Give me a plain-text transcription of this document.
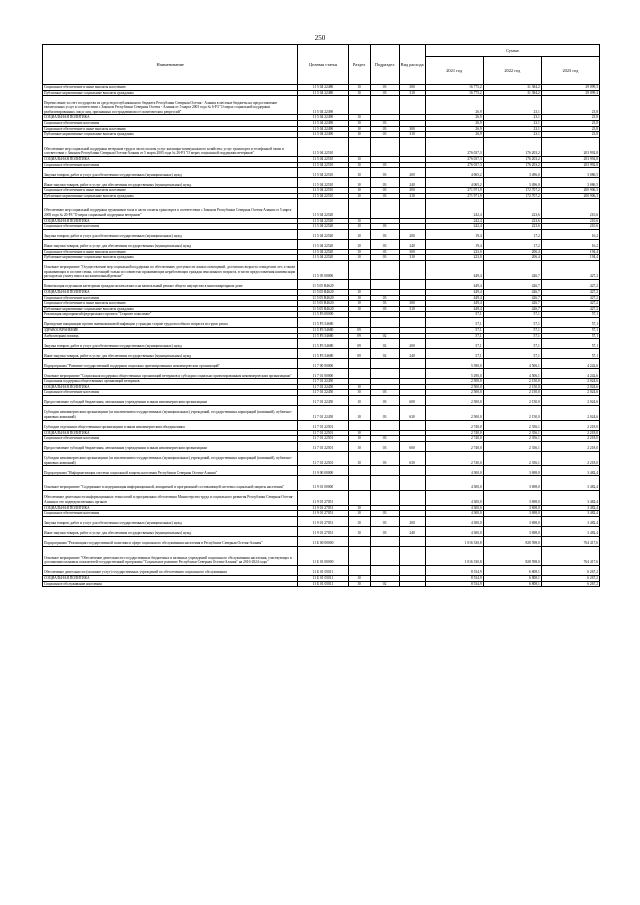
250
Наименование	Целевая статья	Раздел	Подраздел	Вид расхода	Сумма		
					2021 год	2022 год	2023 год
Социальное обеспечение и иные выплаты населению	11 5 04 22480	10	03	300	16 775,2	31 384,2	29 099,3
Публичные нормативные социальные выплаты гражданам	11 5 04 22480	10	03	310	16 775,2	31 384,2	29 099,3
Перечисление за счет государства из средств республиканского бюджета Республики Северная Осетия - Алания в местные бюджеты на предоставление ежемесячных услуг в соответствии с Законом Республики Северная Осетия - Алания от 5 марта 2003 года № 6-РЗ "О мерах социальной поддержки реабилитированных лиц и лиц, признанных пострадавшими от политических репрессий"	11 5 04 22490				26,9	23,1	23,8
СОЦИАЛЬНАЯ ПОЛИТИКА	11 5 04 22490	10			26,9	23,1	23,8
Социальное обеспечение населения	11 5 04 22490	10	03		26,9	23,1	23,8
Социальное обеспечение и иные выплаты населению	11 5 04 22490	10	03	300	26,9	23,1	23,8
Публичные нормативные социальные выплаты гражданам	11 5 04 22490	10	03	310	26,9	23,1	23,8
Обеспечение мер социальной поддержки ветеранов труда в части оплаты услуг жилищно-коммунального хозяйства, услуг транспорта и телефонной связи в соответствии с Законом Республики Северная Осетия-Алания от 5 марта 2005 года № 20-РЗ "О мерах социальной поддержки ветеранов"	11 5 04 22510				276 037,3	176 203,2	203 992,8
СОЦИАЛЬНАЯ ПОЛИТИКА	11 5 04 22510	10			276 037,3	176 203,2	203 992,8
Социальное обеспечение населения	11 5 04 22510	10	03		276 037,3	176 203,2	203 992,8
Закупка товаров, работ и услуг для обеспечения государственных (муниципальных) нужд	11 5 04 22510	10	03	200	4 065,2	3 496,0	3 086,5
Иные закупки товаров, работ и услуг для обеспечения государственных (муниципальных) нужд	11 5 04 22510	10	03	240	4 065,2	3 496,0	3 086,5
Социальное обеспечение и иные выплаты населению	11 5 04 22510	10	03	300	271 971,9	172 707,2	200 906,3
Публичные нормативные социальные выплаты гражданам	11 5 04 22510	10	03	310	271 971,9	172 707,2	200 906,3
Обеспечение мер социальной поддержки тружеников тыла в части оплаты транспорта в соответствии с Законом Республики Северная Осетия-Алания от 5 марта 2005 года № 20-РЗ "О мерах социальной поддержки ветеранов"	11 5 04 22520				242,4	223,6	210,6
СОЦИАЛЬНАЯ ПОЛИТИКА	11 5 04 22520	10			242,4	223,6	210,6
Социальное обеспечение населения	11 5 04 22520	10	03		242,4	223,6	210,6
Закупка товаров, работ и услуг для обеспечения государственных (муниципальных) нужд	11 5 04 22520	10	03	200	19,4	17,2	16,2
Иные закупки товаров, работ и услуг для обеспечения государственных (муниципальных) нужд	11 5 04 22520	10	03	240	19,4	17,2	16,2
Социальное обеспечение и иные выплаты населению	11 5 04 22520	10	03	300	223,0	206,4	194,4
Публичные нормативные социальные выплаты гражданам	11 5 04 22520	10	03	310	223,0	206,4	194,4
Основное мероприятие "Осуществление мер социальной поддержки по обеспечению доступности жилых помещений, достигших возраста семидесяти лет, а также проживающих в составе семьи, состоящей только из совместно проживающих неработающих граждан пенсионного возраста, в части предоставления компенсации расходов на уплату взноса на капитальный ремонт"	11 5 05 00000				449,4	426,7	427,2
Компенсация отдельным категориям граждан оплаты взноса на капитальный ремонт общего имущества в многоквартирном доме	11 5 05 R4620				449,4	426,7	427,2
СОЦИАЛЬНАЯ ПОЛИТИКА	11 5 05 R4620	10			449,4	426,7	427,2
Социальное обеспечение населения	11 5 05 R4620	10	03		449,4	426,7	427,2
Социальное обеспечение и иные выплаты населению	11 5 05 R4620	10	03	300	449,4	426,7	427,2
Публичные нормативные социальные выплаты гражданам	11 5 05 R4620	10	03	310	449,4	426,7	427,2
Реализация мероприятий федерального проекта "Старшее поколение"	11 5 P3 00000				57,1	57,1	57,1
Проведение вакцинации против пневмококковой инфекции у граждан старше трудоспособного возраста из групп риска	11 5 P3 54680				57,1	57,1	57,1
ЗДРАВООХРАНЕНИЕ	11 5 P3 54680	09			57,1	57,1	57,1
Амбулаторная помощь	11 5 P3 54680	09	02		57,1	57,1	57,1
Закупка товаров, работ и услуг для обеспечения государственных (муниципальных) нужд	11 5 P3 54680	09	02	200	57,1	57,1	57,1
Иные закупки товаров, работ и услуг для обеспечения государственных (муниципальных) нужд	11 5 P3 54680	09	02	240	57,1	57,1	57,1
Подпрограмма "Развитие государственной поддержки социально ориентированных некоммерческих организаций"	11 7 00 00000				5 390,0	4 506,1	4 242,6
Основное мероприятие "Социальная поддержка общественных организаций ветеранов и субсидии социально ориентированным некоммерческим организациям"	11 7 01 00000				5 290,0	4 506,1	4 242,6
Социальная поддержка общественных организаций ветеранов	11 7 01 22450				2 500,0	2 150,0	2 024,6
СОЦИАЛЬНАЯ ПОЛИТИКА	11 7 01 22450	10			2 500,0	2 150,0	2 024,6
Социальное обеспечение населения	11 7 01 22450	10	03		2 500,0	2 150,0	2 024,6
Предоставление субсидий бюджетным, автономным учреждениям и иным некоммерческим организациям	11 7 01 22450	10	03	600	2 500,0	2 150,0	2 024,6
Субсидии некоммерческим организациям (за исключением государственных (муниципальных) учреждений, государственных корпораций (компаний), публично-правовых компаний)	11 7 01 22450	10	03	630	2 500,0	2 150,0	2 024,6
Субсидии отдельным общественным организациям и иным некоммерческим объединениям	11 7 01 22501				2 740,0	2 356,1	2 218,0
СОЦИАЛЬНАЯ ПОЛИТИКА	11 7 01 22501	10			2 740,0	2 356,1	2 218,0
Социальное обеспечение населения	11 7 01 22501	10	03		2 740,0	2 356,1	2 218,0
Предоставление субсидий бюджетным, автономным учреждениям и иным некоммерческим организациям	11 7 01 22501	10	03	600	2 740,0	2 356,1	2 218,0
Субсидии некоммерческим организациям (за исключением государственных (муниципальных) учреждений, государственных корпораций (компаний), публично-правовых компаний)	11 7 01 22501	10	03	630	2 740,0	2 356,1	2 218,0
Подпрограмма "Информатизация системы социальной защиты населения Республики Северная Осетия-Алания"	11 9 00 00000				4 300,0	3 698,0	3 482,4
Основное мероприятие "Содержание и модернизация информационной, аппаратной и программной составляющей системы социальной защиты населения"	11 9 01 00000				4 300,0	3 698,0	3 482,4
Обеспечение деятельности информационных технологий и программных обеспечения Министерства труда и социального развития Республики Северная Осетия-Алания и его подведомственных органов	11 9 01 27051				4 300,0	3 698,0	3 482,4
СОЦИАЛЬНАЯ ПОЛИТИКА	11 9 01 27051	10			4 300,0	3 698,0	3 482,4
Социальное обеспечение населения	11 9 01 27051	10	03		4 300,0	3 698,0	3 482,4
Закупка товаров, работ и услуг для обеспечения государственных (муниципальных) нужд	11 9 01 27051	10	03	200	4 300,0	3 698,0	3 482,4
Иные закупки товаров, работ и услуг для обеспечения государственных (муниципальных) нужд	11 9 01 27051	10	03	240	4 300,0	3 698,0	3 482,4
Подпрограмма "Реализация государственной политики в сфере социального обслуживания населения в Республике Северная Осетия-Алания"	11 Б 00 00000				1 016 330,8	828 598,0	764 417,6
Основное мероприятие "Обеспечение деятельности государственных бюджетных и казенных учреждений социального обслуживания населения, участвующих в достижении плановых показателей государственной программы "Социальное развитие Республики Северная Осетия-Алания" на 2016-2024 годы"	11 Б 01 00000				1 016 330,8	828 598,0	764 417,6
Обеспечение деятельности (оказание услуг) государственных учреждений по обеспечению социального обслуживания	11 Б 01 05011				8 534,9	6 808,1	6 267,2
СОЦИАЛЬНАЯ ПОЛИТИКА	11 Б 01 05011	10			8 534,9	6 808,1	6 267,2
Социальное обслуживание населения	11 Б 01 05011	10	02		8 534,9	6 808,1	6 267,2
